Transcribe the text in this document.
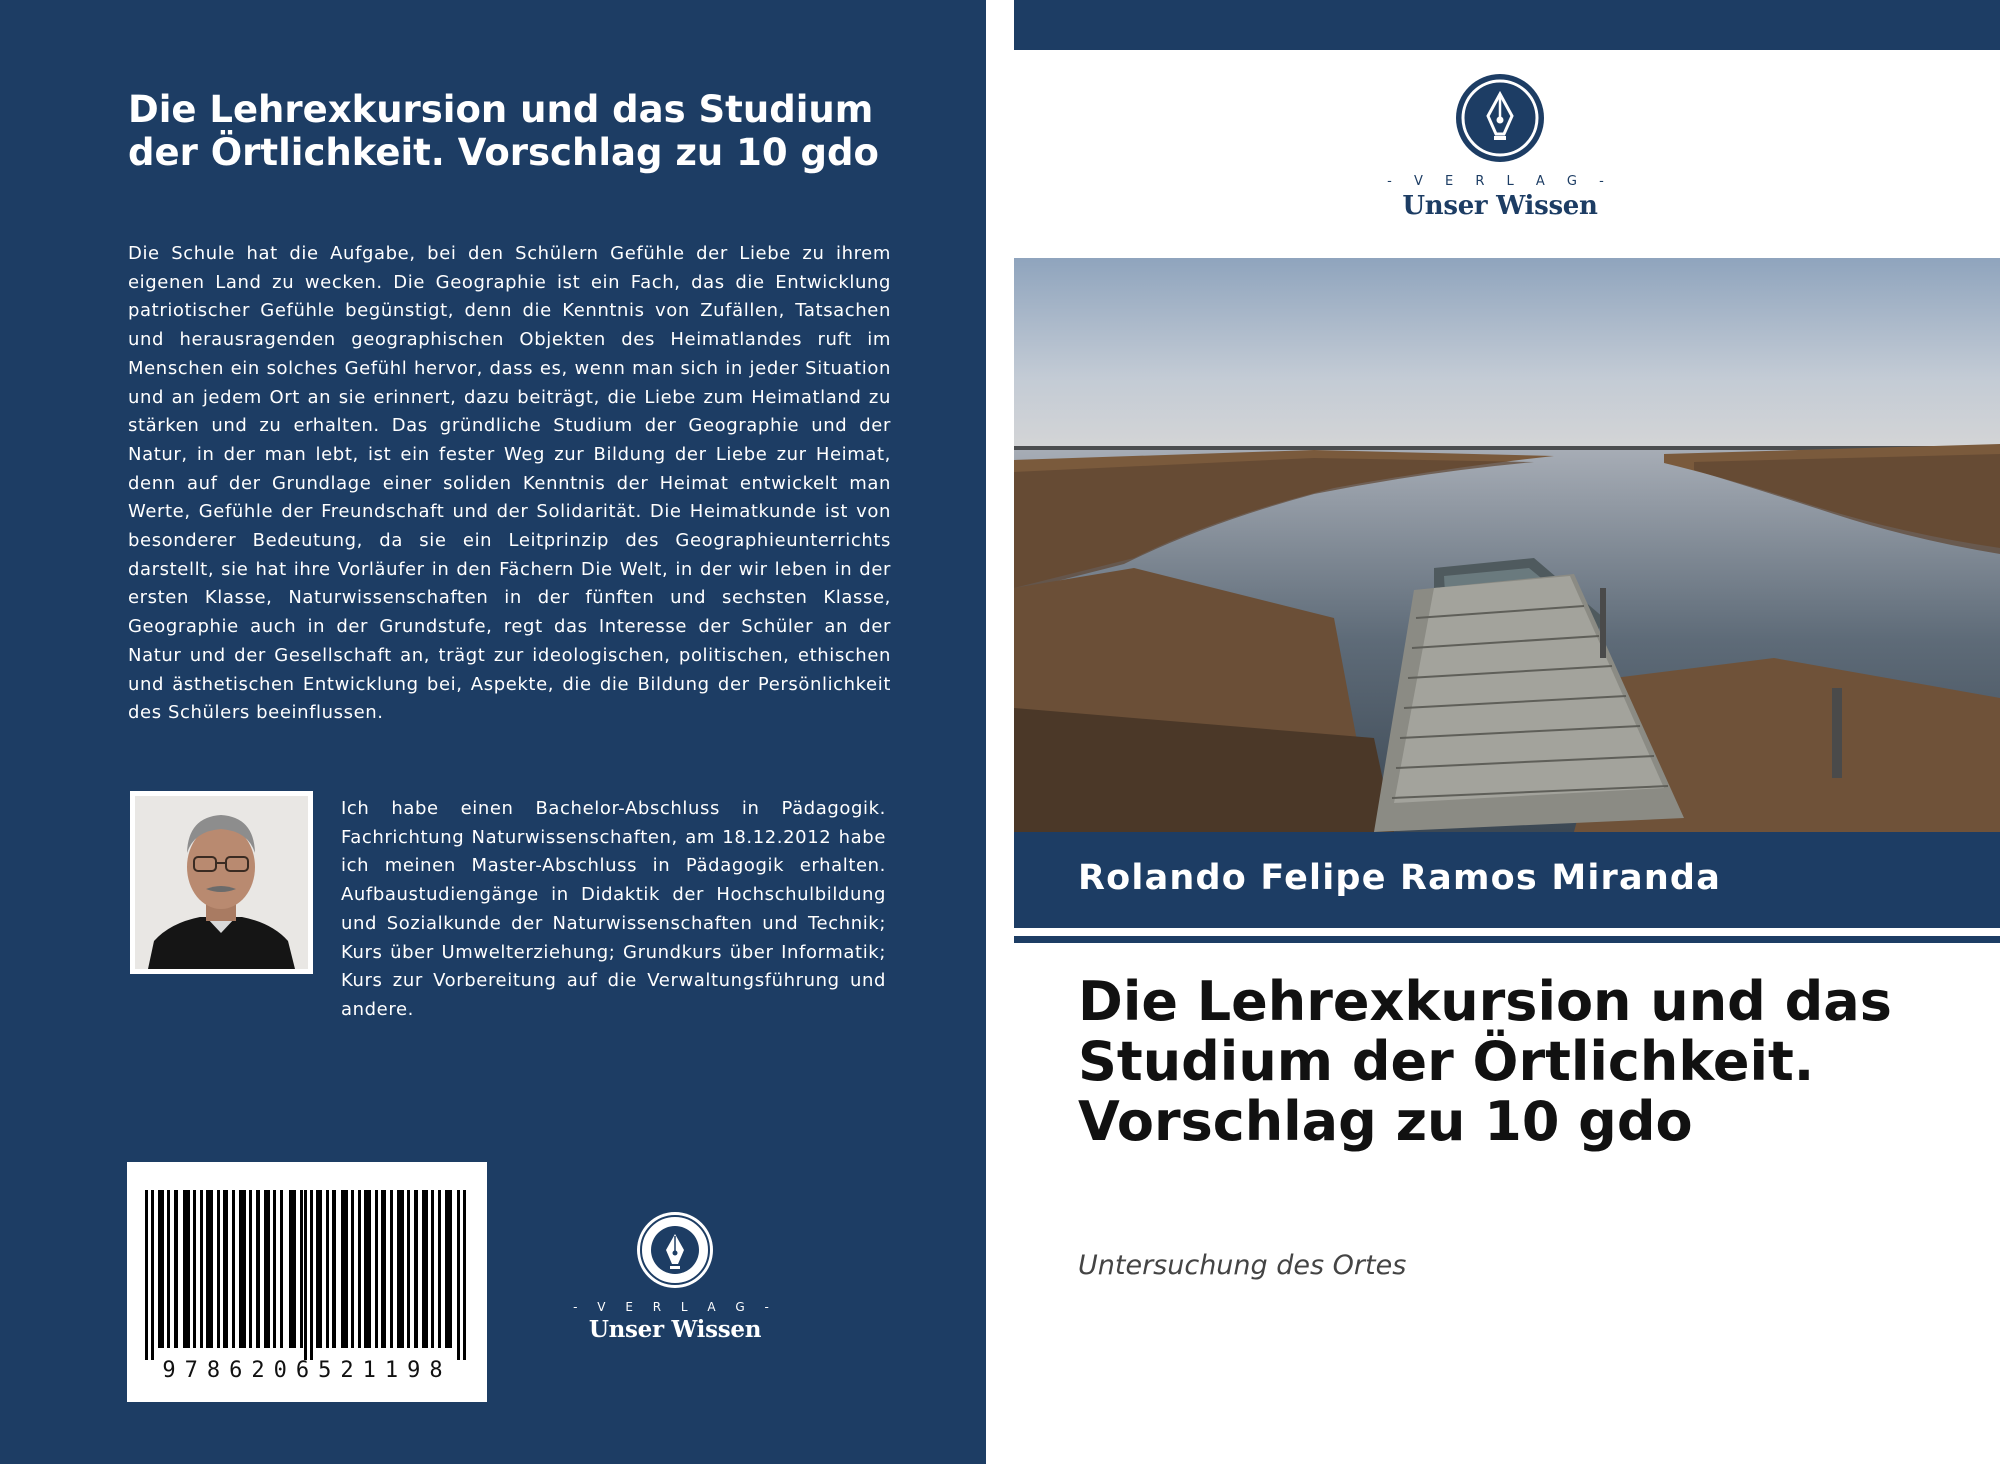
Die Lehrexkursion und das Studium der Örtlichkeit. Vorschlag zu 10 gdo

Die Schule hat die Aufgabe, bei den Schülern Gefühle der Liebe zu ihrem eigenen Land zu wecken. Die Geographie ist ein Fach, das die Entwicklung patriotischer Gefühle begünstigt, denn die Kenntnis von Zufällen, Tatsachen und herausragenden geographischen Objekten des Heimatlandes ruft im Menschen ein solches Gefühl hervor, dass es, wenn man sich in jeder Situation und an jedem Ort an sie erinnert, dazu beiträgt, die Liebe zum Heimatland zu stärken und zu erhalten. Das gründliche Studium der Geographie und der Natur, in der man lebt, ist ein fester Weg zur Bildung der Liebe zur Heimat, denn auf der Grundlage einer soliden Kenntnis der Heimat entwickelt man Werte, Gefühle der Freundschaft und der Solidarität. Die Heimatkunde ist von besonderer Bedeutung, da sie ein Leitprinzip des Geographieunterrichts darstellt, sie hat ihre Vorläufer in den Fächern Die Welt, in der wir leben in der ersten Klasse, Naturwissenschaften in der fünften und sechsten Klasse, Geographie auch in der Grundstufe, regt das Interesse der Schüler an der Natur und der Gesellschaft an, trägt zur ideologischen, politischen, ethischen und ästhetischen Entwicklung bei, Aspekte, die die Bildung der Persönlichkeit des Schülers beeinflussen.

Ich habe einen Bachelor-Abschluss in Pädagogik. Fachrichtung Naturwissenschaften, am 18.12.2012 habe ich meinen Master-Abschluss in Pädagogik erhalten. Aufbaustudiengänge in Didaktik der Hochschulbildung und Sozialkunde der Naturwissenschaften und Technik; Kurs über Umwelterziehung; Grundkurs über Informatik; Kurs zur Vorbereitung auf die Verwaltungsführung und andere.

9786206521198
- V E R L A G -
Unser Wissen
- V E R L A G -
Unser Wissen
Rolando Felipe Ramos Miranda
Die Lehrexkursion und das Studium der Örtlichkeit. Vorschlag zu 10 gdo
Untersuchung des Ortes
